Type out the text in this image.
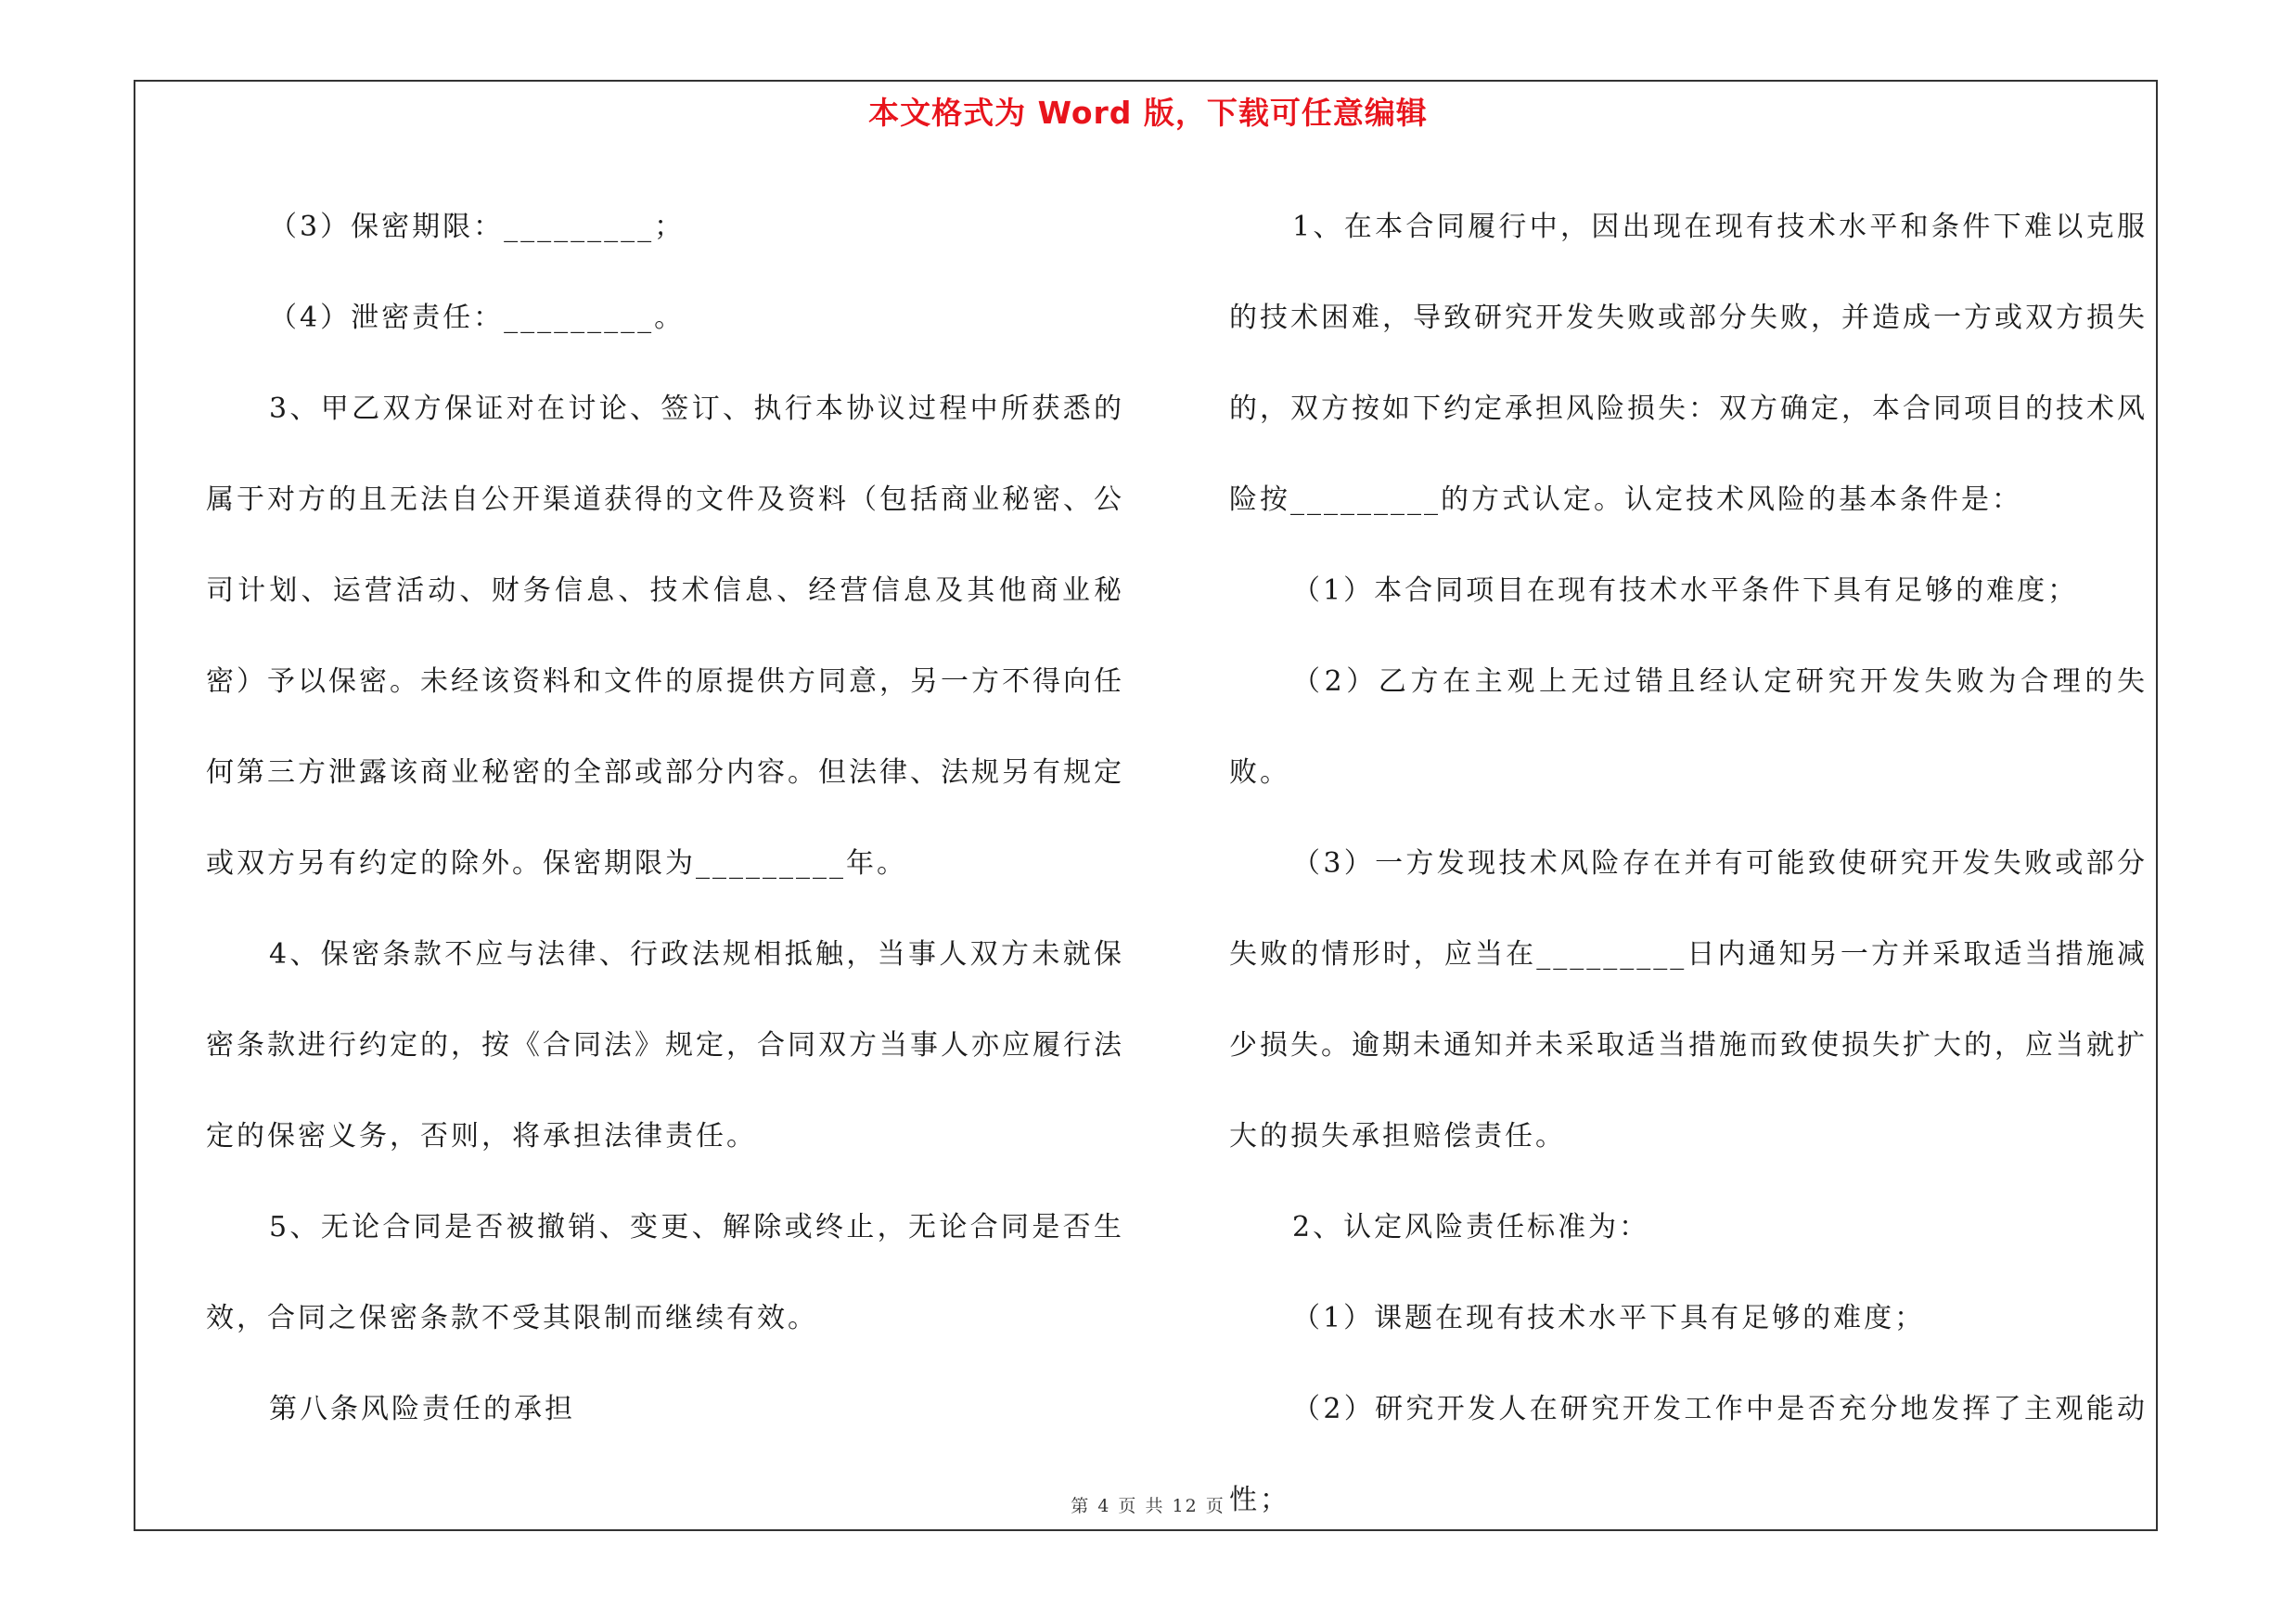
本文格式为 Word 版，下载可任意编辑

（3）保密期限：_________；

（4）泄密责任：_________。

3、甲乙双方保证对在讨论、签订、执行本协议过程中所获悉的属于对方的且无法自公开渠道获得的文件及资料（包括商业秘密、公司计划、运营活动、财务信息、技术信息、经营信息及其他商业秘密）予以保密。未经该资料和文件的原提供方同意，另一方不得向任何第三方泄露该商业秘密的全部或部分内容。但法律、法规另有规定或双方另有约定的除外。保密期限为_________年。

4、保密条款不应与法律、行政法规相抵触，当事人双方未就保密条款进行约定的，按《合同法》规定，合同双方当事人亦应履行法定的保密义务，否则，将承担法律责任。

5、无论合同是否被撤销、变更、解除或终止，无论合同是否生效，合同之保密条款不受其限制而继续有效。

第八条风险责任的承担

1、在本合同履行中，因出现在现有技术水平和条件下难以克服的技术困难，导致研究开发失败或部分失败，并造成一方或双方损失的，双方按如下约定承担风险损失：双方确定，本合同项目的技术风险按_________的方式认定。认定技术风险的基本条件是：

（1）本合同项目在现有技术水平条件下具有足够的难度；

（2）乙方在主观上无过错且经认定研究开发失败为合理的失败。

（3）一方发现技术风险存在并有可能致使研究开发失败或部分失败的情形时，应当在_________日内通知另一方并采取适当措施减少损失。逾期未通知并未采取适当措施而致使损失扩大的，应当就扩大的损失承担赔偿责任。

2、认定风险责任标准为：

（1）课题在现有技术水平下具有足够的难度；

（2）研究开发人在研究开发工作中是否充分地发挥了主观能动性；

第 4 页 共 12 页
